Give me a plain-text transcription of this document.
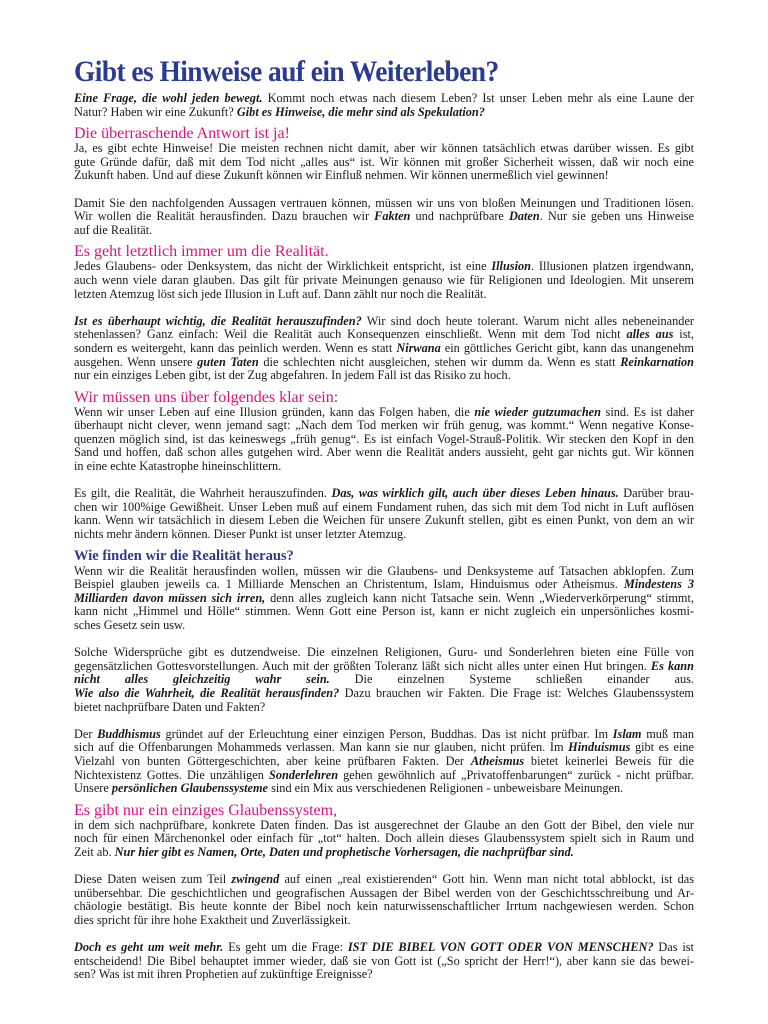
Gibt es Hinweise auf ein Weiterleben?

Eine Frage, die wohl jeden bewegt. Kommt noch etwas nach diesem Leben? Ist unser Leben mehr als eine Laune der
Natur? Haben wir eine Zukunft? Gibt es Hinweise, die mehr sind als Spekulation?

Die überraschende Antwort ist ja!

Ja, es gibt echte Hinweise! Die meisten rechnen nicht damit, aber wir können tatsächlich etwas darüber wissen. Es gibt
gute Gründe dafür, daß mit dem Tod nicht „alles aus“ ist. Wir können mit großer Sicherheit wissen, daß wir noch eine
Zukunft haben. Und auf diese Zukunft können wir Einfluß nehmen. Wir können unermeßlich viel gewinnen!

Damit Sie den nachfolgenden Aussagen vertrauen können, müssen wir uns von bloßen Meinungen und Traditionen lösen.
Wir wollen die Realität herausfinden. Dazu brauchen wir Fakten und nachprüfbare Daten. Nur sie geben uns Hinweise
auf die Realität.

Es geht letztlich immer um die Realität.

Jedes Glaubens- oder Denksystem, das nicht der Wirklichkeit entspricht, ist eine Illusion. Illusionen platzen irgendwann,
auch wenn viele daran glauben. Das gilt für private Meinungen genauso wie für Religionen und Ideologien. Mit unserem
letzten Atemzug löst sich jede Illusion in Luft auf. Dann zählt nur noch die Realität.

Ist es überhaupt wichtig, die Realität herauszufinden? Wir sind doch heute tolerant. Warum nicht alles nebeneinander
stehenlassen? Ganz einfach: Weil die Realität auch Konsequenzen einschließt. Wenn mit dem Tod nicht alles aus ist,
sondern es weitergeht, kann das peinlich werden. Wenn es statt Nirwana ein göttliches Gericht gibt, kann das unangenehm
ausgehen. Wenn unsere guten Taten die schlechten nicht ausgleichen, stehen wir dumm da. Wenn es statt Reinkarnation
nur ein einziges Leben gibt, ist der Zug abgefahren. In jedem Fall ist das Risiko zu hoch.

Wir müssen uns über folgendes klar sein:

Wenn wir unser Leben auf eine Illusion gründen, kann das Folgen haben, die nie wieder gutzumachen sind. Es ist daher
überhaupt nicht clever, wenn jemand sagt: „Nach dem Tod merken wir früh genug, was kommt.“ Wenn negative Konse-
quenzen möglich sind, ist das keineswegs „früh genug“. Es ist einfach Vogel-Strauß-Politik. Wir stecken den Kopf in den
Sand und hoffen, daß schon alles gutgehen wird. Aber wenn die Realität anders aussieht, geht gar nichts gut. Wir können
in eine echte Katastrophe hineinschlittern.

Es gilt, die Realität, die Wahrheit herauszufinden. Das, was wirklich gilt, auch über dieses Leben hinaus. Darüber brau-
chen wir 100%ige Gewißheit. Unser Leben muß auf einem Fundament ruhen, das sich mit dem Tod nicht in Luft auflösen
kann. Wenn wir tatsächlich in diesem Leben die Weichen für unsere Zukunft stellen, gibt es einen Punkt, von dem an wir
nichts mehr ändern können. Dieser Punkt ist unser letzter Atemzug.

Wie finden wir die Realität heraus?

Wenn wir die Realität herausfinden wollen, müssen wir die Glaubens- und Denksysteme auf Tatsachen abklopfen. Zum
Beispiel glauben jeweils ca. 1 Milliarde Menschen an Christentum, Islam, Hinduismus oder Atheismus. Mindestens 3
Milliarden davon müssen sich irren, denn alles zugleich kann nicht Tatsache sein. Wenn „Wiederverkörperung“ stimmt,
kann nicht „Himmel und Hölle“ stimmen. Wenn Gott eine Person ist, kann er nicht zugleich ein unpersönliches kosmi-
sches Gesetz sein usw.

Solche Widersprüche gibt es dutzendweise. Die einzelnen Religionen, Guru- und Sonderlehren bieten eine Fülle von
gegensätzlichen Gottesvorstellungen. Auch mit der größten Toleranz läßt sich nicht alles unter einen Hut bringen. Es kann
nicht alles gleichzeitig wahr sein. Die einzelnen Systeme schließen einander aus.
Wie also die Wahrheit, die Realität herausfinden? Dazu brauchen wir Fakten. Die Frage ist: Welches Glaubenssystem
bietet nachprüfbare Daten und Fakten?

Der Buddhismus gründet auf der Erleuchtung einer einzigen Person, Buddhas. Das ist nicht prüfbar. Im Islam muß man
sich auf die Offenbarungen Mohammeds verlassen. Man kann sie nur glauben, nicht prüfen. Im Hinduismus gibt es eine
Vielzahl von bunten Göttergeschichten, aber keine prüfbaren Fakten. Der Atheismus bietet keinerlei Beweis für die
Nichtexistenz Gottes. Die unzähligen Sonderlehren gehen gewöhnlich auf „Privatoffenbarungen“ zurück - nicht prüfbar.
Unsere persönlichen Glaubenssysteme sind ein Mix aus verschiedenen Religionen - unbeweisbare Meinungen.

Es gibt nur ein einziges Glaubenssystem,

in dem sich nachprüfbare, konkrete Daten finden. Das ist ausgerechnet der Glaube an den Gott der Bibel, den viele nur
noch für einen Märchenonkel oder einfach für „tot“ halten. Doch allein dieses Glaubenssystem spielt sich in Raum und
Zeit ab. Nur hier gibt es Namen, Orte, Daten und prophetische Vorhersagen, die nachprüfbar sind.

Diese Daten weisen zum Teil zwingend auf einen „real existierenden“ Gott hin. Wenn man nicht total abblockt, ist das
unübersehbar. Die geschichtlichen und geografischen Aussagen der Bibel werden von der Geschichtsschreibung und Ar-
chäologie bestätigt. Bis heute konnte der Bibel noch kein naturwissenschaftlicher Irrtum nachgewiesen werden. Schon
dies spricht für ihre hohe Exaktheit und Zuverlässigkeit.

Doch es geht um weit mehr. Es geht um die Frage: IST DIE BIBEL VON GOTT ODER VON MENSCHEN? Das ist
entscheidend! Die Bibel behauptet immer wieder, daß sie von Gott ist („So spricht der Herr!“), aber kann sie das bewei-
sen? Was ist mit ihren Prophetien auf zukünftige Ereignisse?
